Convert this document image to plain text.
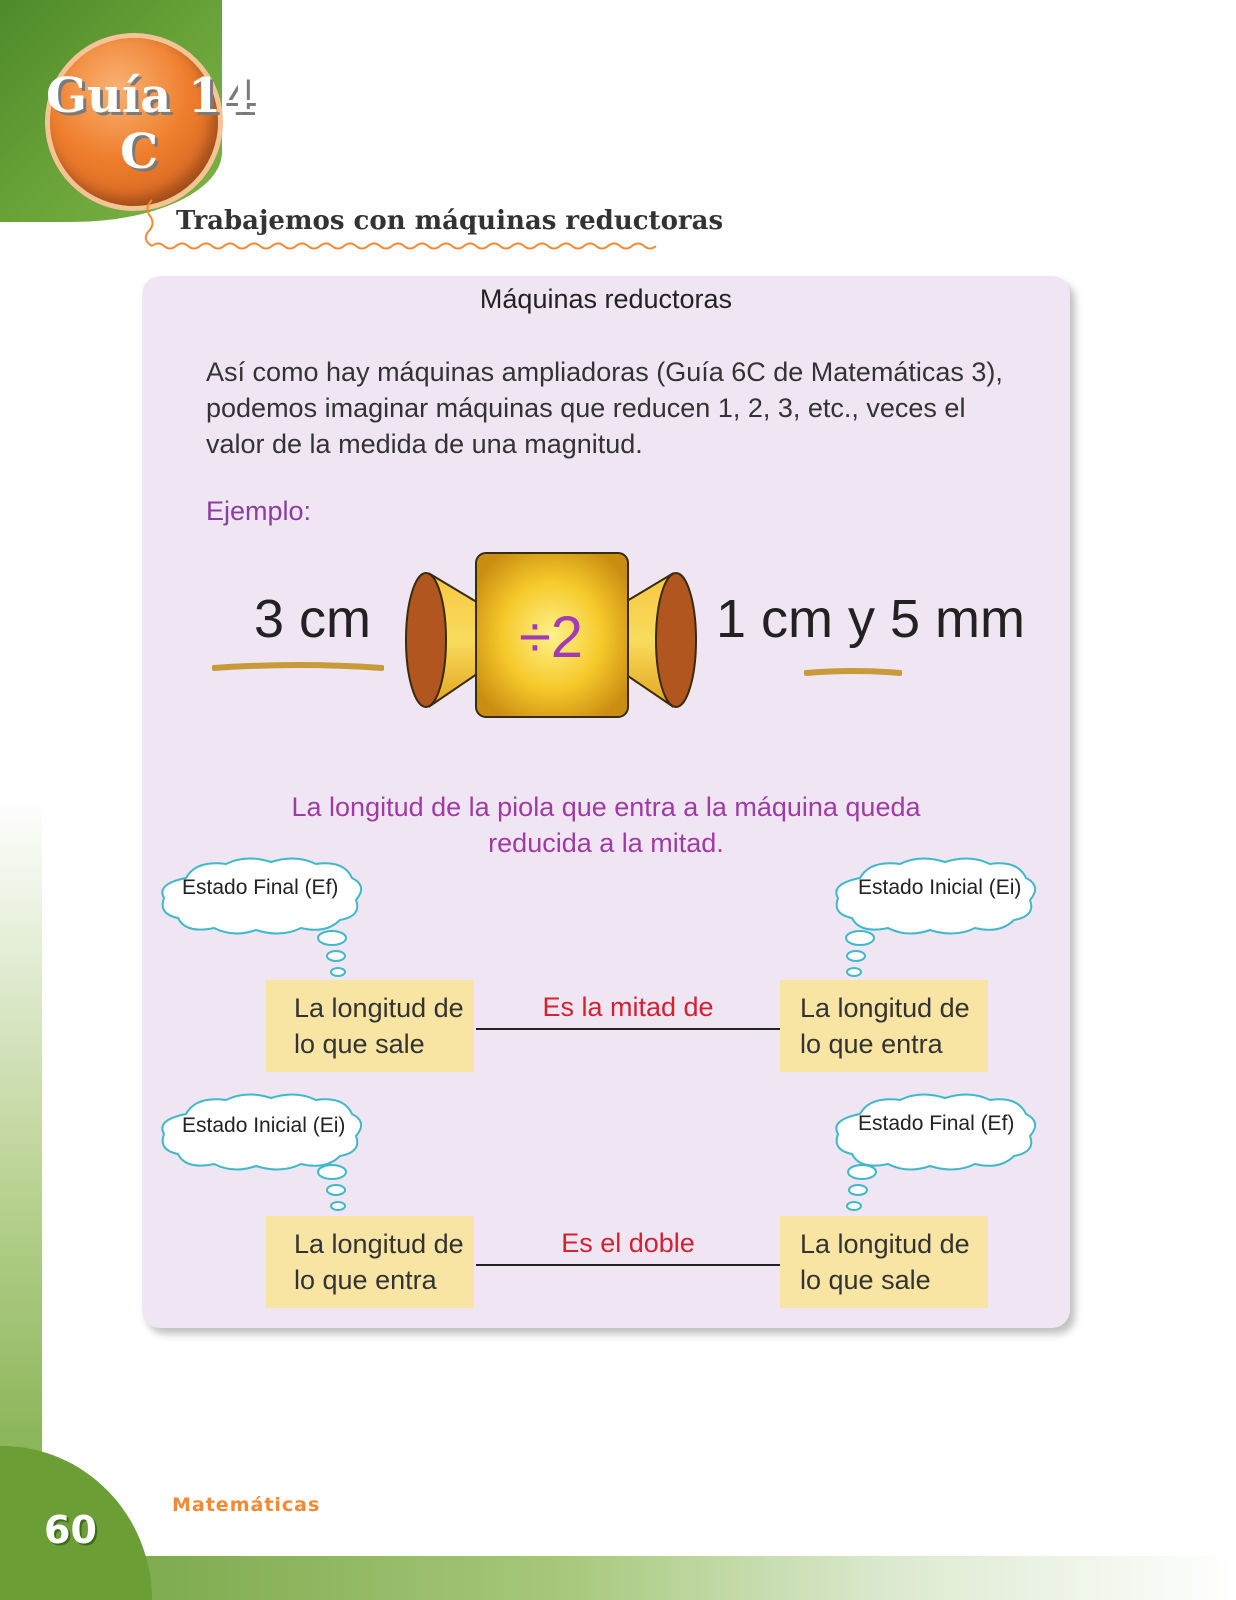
60
Matemáticas
Guía 14
C
Trabajemos con máquinas reductoras
Máquinas reductoras
Así como hay máquinas ampliadoras (Guía 6C de Matemáticas 3),
podemos imaginar máquinas que reducen 1, 2, 3, etc., veces el
valor de la medida de una magnitud.
Ejemplo:
3 cm	÷2	1 cm y 5 mm
La longitud de la piola que entra a la máquina queda
reducida a la mitad.
Estado Final (Ef)	Estado Inicial (Ei)
La longitud de
lo que sale
Es la mitad de	La longitud de
lo que entra
Estado Inicial (Ei)	Estado Final (Ef)
La longitud de
lo que entra
Es el doble	La longitud de
lo que sale
